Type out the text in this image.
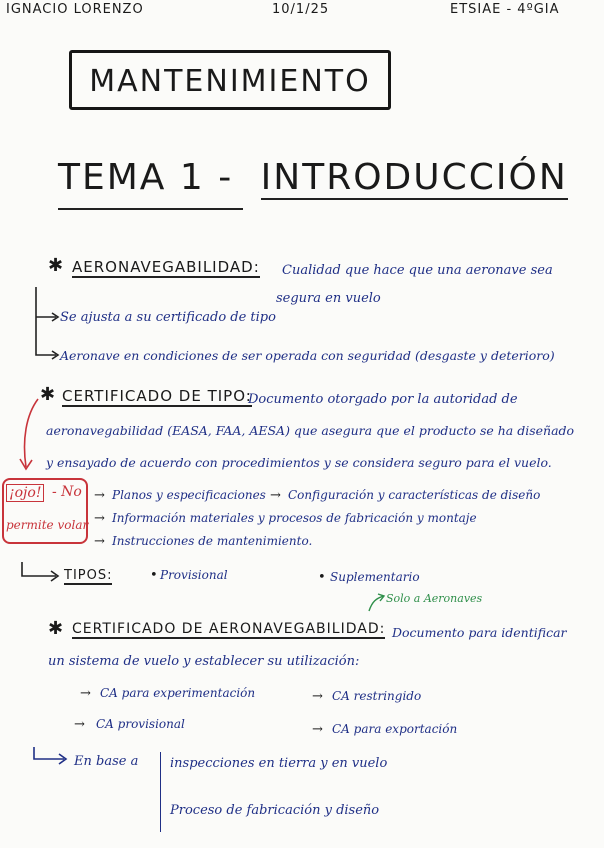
IGNACIO LORENZO	10/1/25	ETSIAE - 4ºGIA
MANTENIMIENTO
TEMA 1 - INTRODUCCIÓN
✱ AERONAVEGABILIDAD: Cualidad que hace que una aeronave sea
segura en vuelo
Se ajusta a su certificado de tipo
Aeronave en condiciones de ser operada con seguridad (desgaste y deterioro)
✱ CERTIFICADO DE TIPO:
Documento otorgado por la autoridad de
aeronavegabilidad (EASA, FAA, AESA) que asegura que el producto se ha diseñado
y ensayado de acuerdo con procedimientos y se considera seguro para el vuelo.
¡ojo! - No
permite volar
→ Planos y especificaciones → Configuración y características de diseño
→ Información materiales y procesos de fabricación y montaje
→ Instrucciones de mantenimiento.
TIPOS:	• Provisional	• Suplementario
Solo a Aeronaves
✱ CERTIFICADO DE AERONAVEGABILIDAD: Documento para identificar
un sistema de vuelo y establecer su utilización:
→ CA para experimentación	→ CA restringido
→ CA provisional	→ CA para exportación
En base a inspecciones en tierra y en vuelo
Proceso de fabricación y diseño
